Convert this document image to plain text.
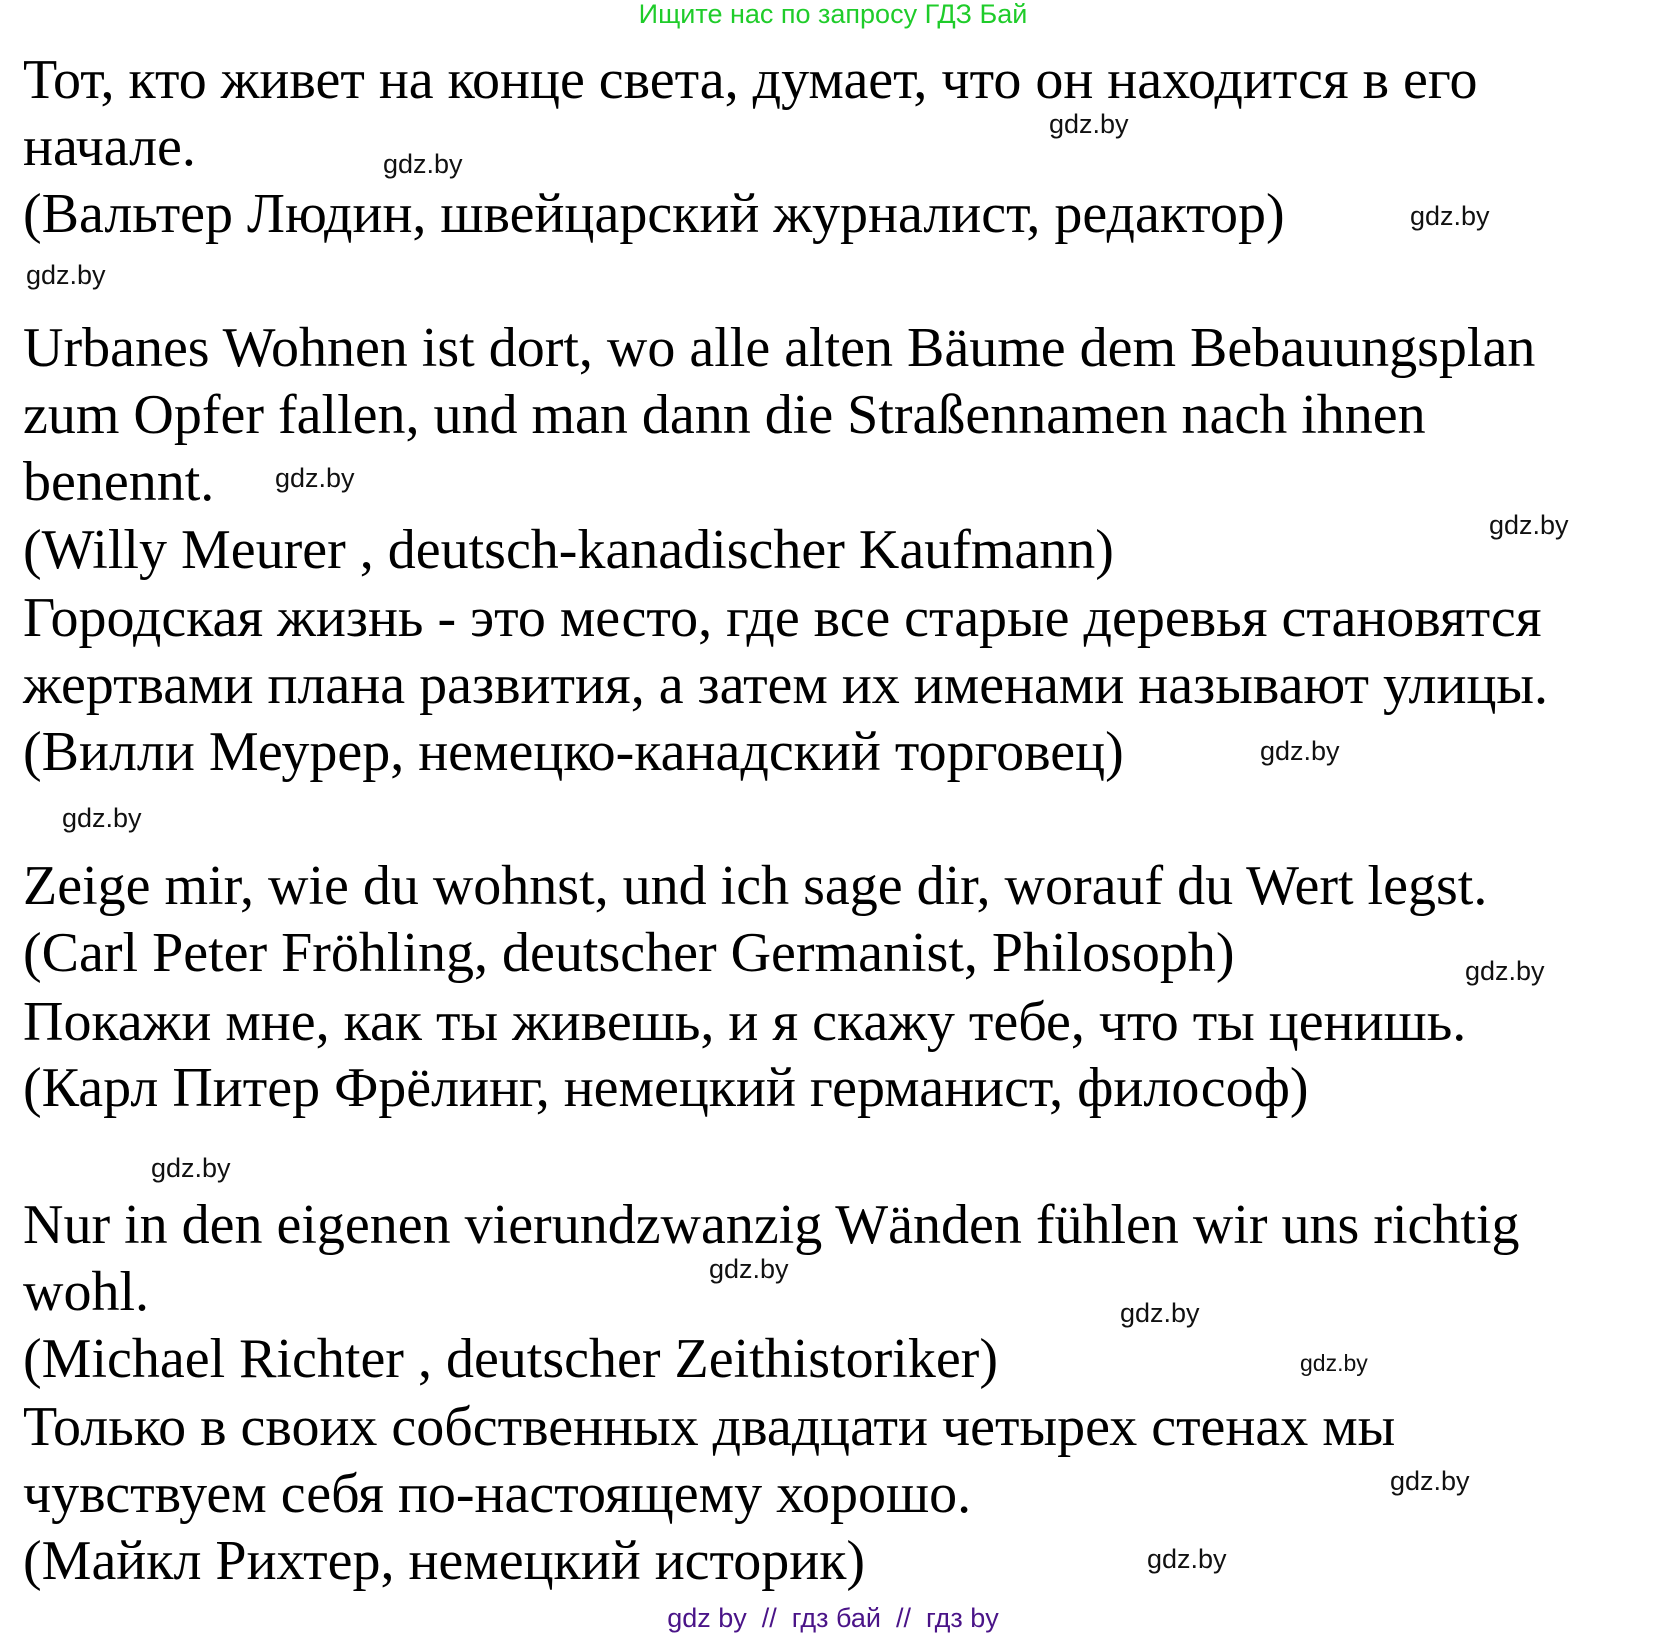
Ищите нас по запросу ГДЗ Бай
Тот, кто живет на конце света, думает, что он находится в его
начале.
(Вальтер Людин, швейцарский журналист, редактор)
Urbanes Wohnen ist dort, wo alle alten Bäume dem Bebauungsplan
zum Opfer fallen, und man dann die Straßennamen nach ihnen
benennt.
(Willy Meurer , deutsch-kanadischer Kaufmann)
Городская жизнь - это место, где все старые деревья становятся
жертвами плана развития, а затем их именами называют улицы.
(Вилли Меурер, немецко-канадский торговец)
Zeige mir, wie du wohnst, und ich sage dir, worauf du Wert legst.
(Carl Peter Fröhling, deutscher Germanist, Philosoph)
Покажи мне, как ты живешь, и я скажу тебе, что ты ценишь.
(Карл Питер Фрёлинг, немецкий германист, философ)
Nur in den eigenen vierundzwanzig Wänden fühlen wir uns richtig
wohl.
(Michael Richter , deutscher Zeithistoriker)
Только в своих собственных двадцати четырех стенах мы
чувствуем себя по-настоящему хорошо.
(Майкл Рихтер, немецкий историк)
gdz.by
gdz.by
gdz.by
gdz.by
gdz.by
gdz.by
gdz.by
gdz.by
gdz.by
gdz.by
gdz.by
gdz.by
gdz.by
gdz.by
gdz.by
gdz by  //  гдз бай  //  гдз by
